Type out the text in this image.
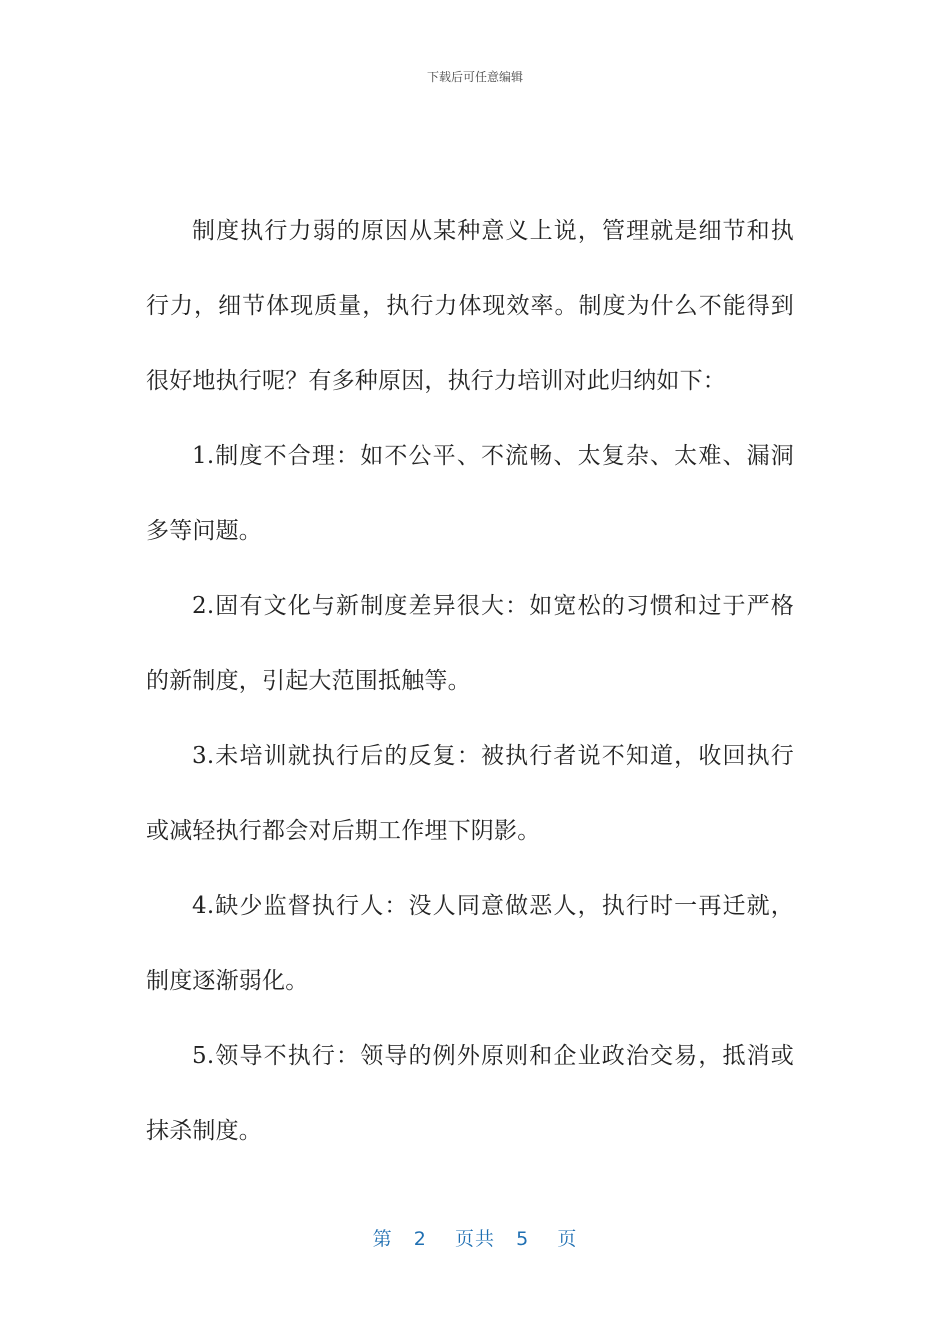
下载后可任意编辑

制度执行力弱的原因从某种意义上说，管理就是细节和执行力，细节体现质量，执行力体现效率。制度为什么不能得到很好地执行呢？有多种原因，执行力培训对此归纳如下：

1.制度不合理：如不公平、不流畅、太复杂、太难、漏洞多等问题。

2.固有文化与新制度差异很大：如宽松的习惯和过于严格的新制度，引起大范围抵触等。

3.未培训就执行后的反复：被执行者说不知道，收回执行或减轻执行都会对后期工作埋下阴影。

4.缺少监督执行人：没人同意做恶人，执行时一再迁就，制度逐渐弱化。

5.领导不执行：领导的例外原则和企业政治交易，抵消或抹杀制度。

第 2 页共 5 页
